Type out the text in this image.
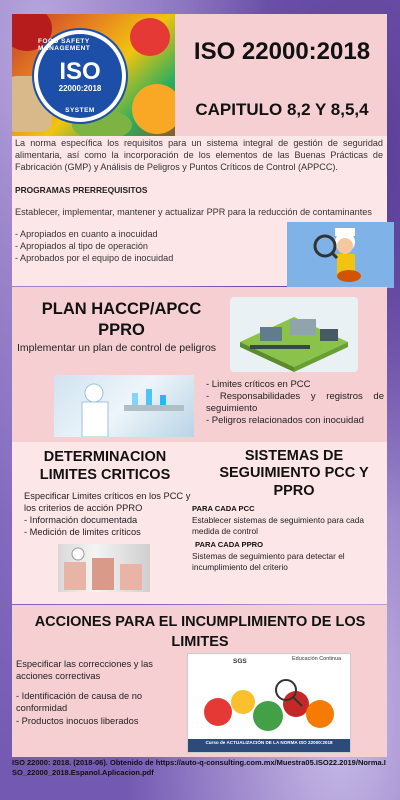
FOOD SAFETY MANAGEMENT
ISO
22000:2018
SYSTEM
ISO 22000:2018
CAPITULO 8,2 Y 8,5,4

La norma específica los requisitos para un sistema integral de gestión de seguridad alimentaria, así como la incorporación de los elementos de las Buenas Prácticas de Fabricación (GMP) y Análisis de Peligros y Puntos Críticos de Control (APPCC).

PROGRAMAS PRERREQUISITOS

Establecer, implementar, mantener y actualizar PPR para la reducción de contaminantes

- Apropiados en cuanto a inocuidad
- Apropiados al tipo de operación
- Aprobados por el equipo de inocuidad
PLAN HACCP/APCC PPRO

Implementar un plan de control de peligros

- Limites críticos en PCC
- Responsabilidades y registros de seguimiento
- Peligros relacionados con inocuidad
DETERMINACION LIMITES CRITICOS

Especificar Limites críticos en los PCC y los criterios de acción PPRO

- Información documentada
- Medición de limites críticos
SISTEMAS DE SEGUIMIENTO PCC Y PPRO
PARA CADA PCC

Establecer sistemas de seguimiento para cada medida de control

PARA CADA PPRO

Sistemas de seguimiento para detectar el incumplimiento del criterio

ACCIONES PARA EL INCUMPLIMIENTO DE LOS LIMITES

Especificar las correcciones y las acciones correctivas

- Identificación de causa de no conformidad
- Productos inocuos liberados
SGS	Educación Continua
Curso de ACTUALIZACIÓN DE LA NORMA ISO 22000:2018

ISO 22000: 2018. (2018-06). Obtenido de https://auto-q-consulting.com.mx/Muestra05.ISO22.2019/Norma.ISO_22000_2018.Espanol.Aplicacion.pdf
